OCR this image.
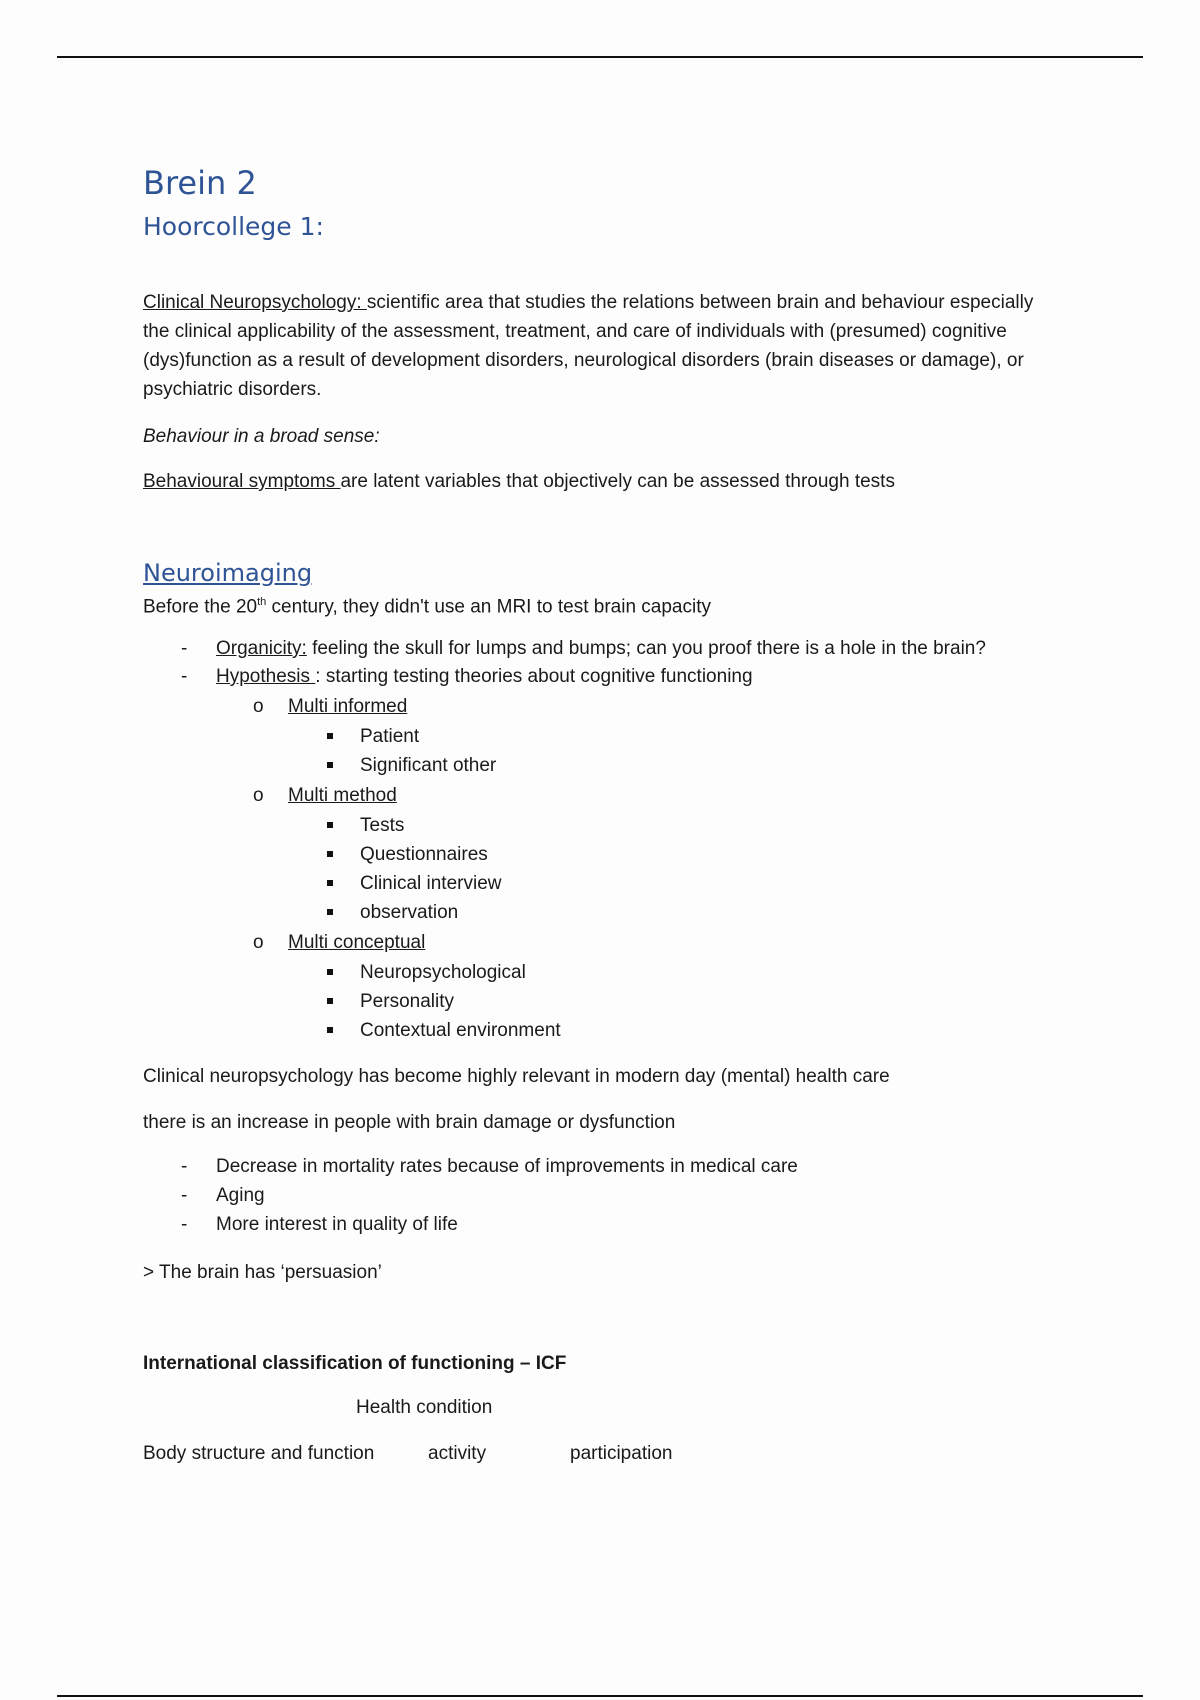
Brein 2
Hoorcollege 1:
Clinical Neuropsychology: scientific area that studies the relations between brain and behaviour especially the clinical applicability of the assessment, treatment, and care of individuals with (presumed) cognitive (dys)function as a result of development disorders, neurological disorders (brain diseases or damage), or psychiatric disorders.
Behaviour in a broad sense:
Behavioural symptoms are latent variables that objectively can be assessed through tests
Neuroimaging
Before the 20th century, they didn't use an MRI to test brain capacity
- Organicity: feeling the skull for lumps and bumps; can you proof there is a hole in the brain?
- Hypothesis : starting testing theories about cognitive functioning
o Multi informed
Patient
Significant other
o Multi method
Tests
Questionnaires
Clinical interview
observation
o Multi conceptual
Neuropsychological
Personality
Contextual environment
Clinical neuropsychology has become highly relevant in modern day (mental) health care
there is an increase in people with brain damage or dysfunction
- Decrease in mortality rates because of improvements in medical care
- Aging
- More interest in quality of life
> The brain has ‘persuasion’
International classification of functioning – ICF
Health condition
Body structure and function	activity	participation
